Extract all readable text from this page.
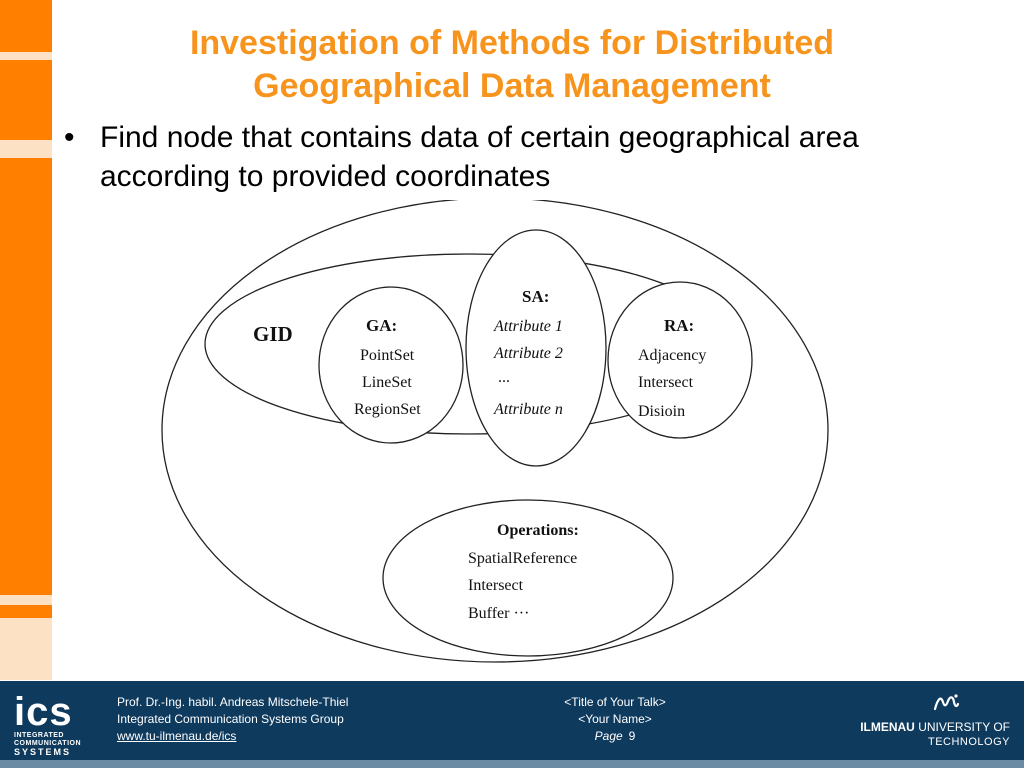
Investigation of Methods for Distributed
Geographical Data Management
• Find node that contains data of certain geographical area according to provided coordinates
GID	GA:
PointSet
LineSet
RegionSet
SA:
Attribute 1
Attribute 2
...
Attribute n
RA:
Adjacency
Intersect
Disioin
Operations:
SpatialReference
Intersect
Buffer ···
ics
INTEGRATED
COMMUNICATION
SYSTEMS
Prof. Dr.-Ing. habil. Andreas Mitschele-Thiel
Integrated Communication Systems Group
www.tu-ilmenau.de/ics
<Title of Your Talk>
<Your Name>
Page 9
ILMENAU UNIVERSITY OF
TECHNOLOGY
